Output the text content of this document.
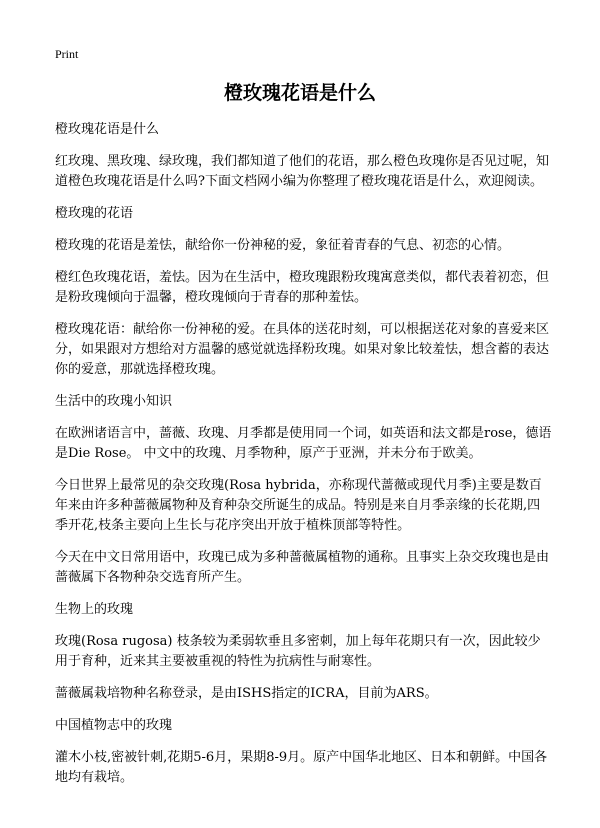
Print
橙玫瑰花语是什么
橙玫瑰花语是什么

红玫瑰、黑玫瑰、绿玫瑰，我们都知道了他们的花语，那么橙色玫瑰你是否见过呢，知道橙色玫瑰花语是什么吗?下面文档网小编为你整理了橙玫瑰花语是什么，欢迎阅读。

橙玫瑰的花语

橙玫瑰的花语是羞怯，献给你一份神秘的爱，象征着青春的气息、初恋的心情。

橙红色玫瑰花语，羞怯。因为在生活中，橙玫瑰跟粉玫瑰寓意类似，都代表着初恋，但是粉玫瑰倾向于温馨，橙玫瑰倾向于青春的那种羞怯。

橙玫瑰花语：献给你一份神秘的爱。在具体的送花时刻，可以根据送花对象的喜爱来区分，如果跟对方想给对方温馨的感觉就选择粉玫瑰。如果对象比较羞怯，想含蓄的表达你的爱意，那就选择橙玫瑰。

生活中的玫瑰小知识

在欧洲诸语言中，蔷薇、玫瑰、月季都是使用同一个词，如英语和法文都是rose，德语是Die Rose。 中文中的玫瑰、月季物种，原产于亚洲，并未分布于欧美。

今日世界上最常见的杂交玫瑰(Rosa hybrida，亦称现代蔷薇或现代月季)主要是数百年来由许多种蔷薇属物种及育种杂交所诞生的成品。特别是来自月季亲缘的长花期,四季开花,枝条主要向上生长与花序突出开放于植株顶部等特性。

今天在中文日常用语中，玫瑰已成为多种蔷薇属植物的通称。且事实上杂交玫瑰也是由蔷薇属下各物种杂交选育所产生。

生物上的玫瑰

玫瑰(Rosa rugosa) 枝条较为柔弱软垂且多密刺，加上每年花期只有一次，因此较少用于育种，近来其主要被重视的特性为抗病性与耐寒性。

蔷薇属栽培物种名称登录，是由ISHS指定的ICRA，目前为ARS。

中国植物志中的玫瑰

灌木小枝,密被针刺,花期5-6月，果期8-9月。原产中国华北地区、日本和朝鲜。中国各地均有栽培。
